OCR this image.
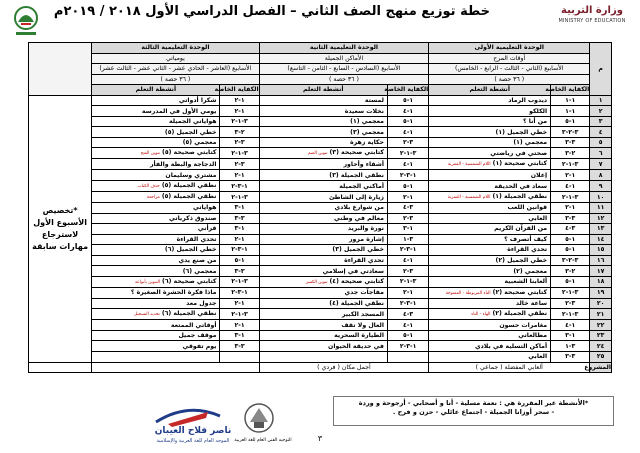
خطة توزيع منهج الصف الثاني – الفصل الدراسي الأول ٢٠١٨ / ٢٠١٩م	وزارة التربية
MINISTRY OF EDUCATION
م	الوحدة التعليمية الأولى		الوحدة التعليمية الثانية		الوحدة التعليمية الثالثة		
	أوقات المرح		الأماكن الجميلة		يومياتي		
	الأسابيع (الثاني - الثالث - الرابع - الخامس)		الأسابيع (السادس - السابع - الثامن - التاسع)		الأسابيع (العاشر - الحادي عشر - الثاني عشر - الثالث عشر)		
	( ٣٦ حصة )		( ٣٦ حصة )		( ٣٦ حصة )		
	الكفاية الخاصة	أنشطة التعلم	الكفاية الخاصة	أنشطة التعلم	الكفاية الخاصة	أنشطة التعلم	
١	١-١	ديدوب الرماد	١-٥	لمستة	١-٢	شكرا أدواتي	*تخصيص الأسبوع الأول لاسترجاع مهارات سابقة
٢	١-١	الكلكو	١-٤	نخلات سعيدة	١-٢	يومي الأول في المدرسة	
٣	١-٥	من أنا ؟	١-٥	معجمي (١)	٣-١-٢	هواياتي الجميلة	
٤	٣-٢-٣	خطي الجميل (١)	١-٤	معجمي (٣)	٢-٣	خطي الجميل (٥)	
٥	٣-٣	معجمي (١)	٣-٢	حكاية زهرة	٣-٢	معجمي (٥)	
٦	٢-٣	صحتي في رياضتي	٣-١-٢	كتابتي صحيحة (٣)تنوين الضم	٣-١-٢	كتابتي صحيحة (٥)تنوين الفتح	
٧	٣-١-٢	كتابتي صحيحة (١)اللام الشمسية - القمرية	١-٤	أشقاء وأحاور	٣-٢	الدجاجة والبطة والفأر	
٨	١-٢	إعلان	١-٣-٢	نطقي الجميلة (٣)	١-٢	مشتري وسليمان	
٩	١-٤	سعاد في الحديقة	١-٥	أماكني الجميلة	١-٣-٢	نطقي الجميلة (٥)حذف الكتاب	
١٠	٣-١-٢	نطقي الجميلة (١)اللام الشمسية - القمرية	١-٢	زيارة إلى الشاطئ	٣-١-٢	نطقي الجميلة (٥)مراجعة	
١١	١-٢	قوانين اللعب	٣-٤	من شوارع بلادي	١-٣	هواياتي	
١٢	٣-٣	العابي	٣-٢	معالم في وطني	٣-٣	صندوق ذكرياتي	
١٣	٣-٤	من القرآن الكريم	١-٣	نورة والبريد	١-٣	قرأني	
١٤	١-٥	كيف أتصرف ؟	٣-١	إشارة مرور	١-٢	تحدي القراءة	
١٥	١-٥	تحدي القراءة	١-٣-٢	خطي الجميل (٣)	١-٣-٢	خطي الجميل (٦)	
١٦	٣-٢-٣	خطي الجميل (٢)	١-٤	تحدي القراءة	١-٥	من صنع يدي	
١٧	٢-٣	معجمي (٢)	٣-٢	سعادتي في إسلامي	٣-٣	معجمي (٦)	
١٨	١-٥	ألعابنا الشعبية	٣-١-٢	كتابتي صحيحة (٤)تنوين الكسر	٣-١-٢	كتابتي صحيحة (٦)التنوين بأنواعه	
١٩	٣-١-٢	كتابتي صحيحة (٢)التاء المربوطة - المفتوحة	١-٢	مفاجآت جدي	١-٣-٢	ماذا فكرة الحشرة الصغيرة ؟	
٢٠	٣-٢	ساعة خالد	١-٣-٢	نطقي الجميلة (٤)	١-٢	جدول معد	
٢١	٣-١-٢	نطقي الجميلة (٢)الهاء - التاء	٣-٤	المسجد الكبير	٣-١-٢	نطقي الجميلة (٦)تحديد التسجيل	
٢٢	١-٤	مغامرات حسون	١-٤	العال ولا تقف	١-٢	أوقاتي الممتعة	
٢٣	١-٣	مطالعاتي	١-٥	الطيارة السحرية	١-٣	موقف جميل	
٢٤	٣-١	أماكن التسلية في بلادي	١-٣-٢	في حديقة الحيوان	٣-٣	يوم تفوقي	
٢٥	٣-٣	العابي					
المشروع	ألعابي المفضلة ( جماعي )		أجمل مكان ( فردي )				
*الأنشطة غير المقررة هي : نعمة مسلية - أنا و أصحابي - أرجوحة و وردة
- سحر أوزانا الجميلة - اجتماع عائلي - حزن و فرح .
ناصر فلاح العيبان
الموجه العام للغة العربية والإسلامية	التوجيه الفني العام للغة العربية	٣
